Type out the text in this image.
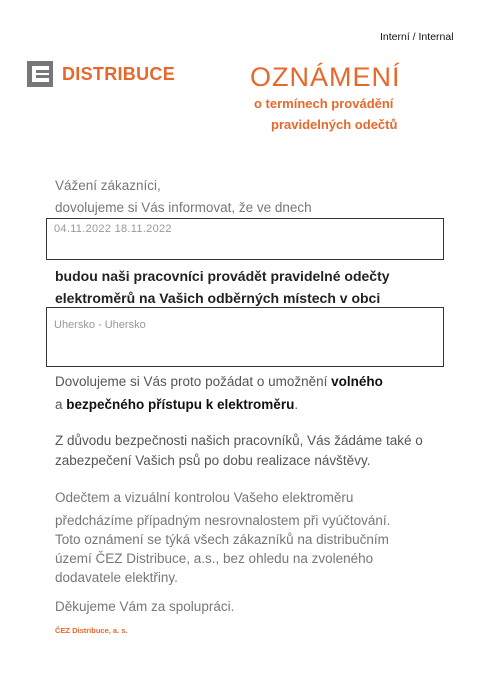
Interní / Internal
DISTRIBUCE	OZNÁMENÍ
o termínech provádění
pravidelných odečtů
Vážení zákazníci,
dovolujeme si Vás informovat, že ve dnech
04.11.2022 18.11.2022
budou naši pracovníci provádět pravidelné odečty
elektroměrů na Vašich odběrných místech v obci
Uhersko - Uhersko
Dovolujeme si Vás proto požádat o umožnění volného
a bezpečného přístupu k elektroměru.
Z důvodu bezpečnosti našich pracovníků, Vás žádáme také o
zabezpečení Vašich psů po dobu realizace návštěvy.
Odečtem a vizuální kontrolou Vašeho elektroměru
předcházíme případným nesrovnalostem při vyúčtování.
Toto oznámení se týká všech zákazníků na distribučním
území ČEZ Distribuce, a.s., bez ohledu na zvoleného
dodavatele elektřiny.
Děkujeme Vám za spolupráci.
ČEZ Distribuce, a. s.
